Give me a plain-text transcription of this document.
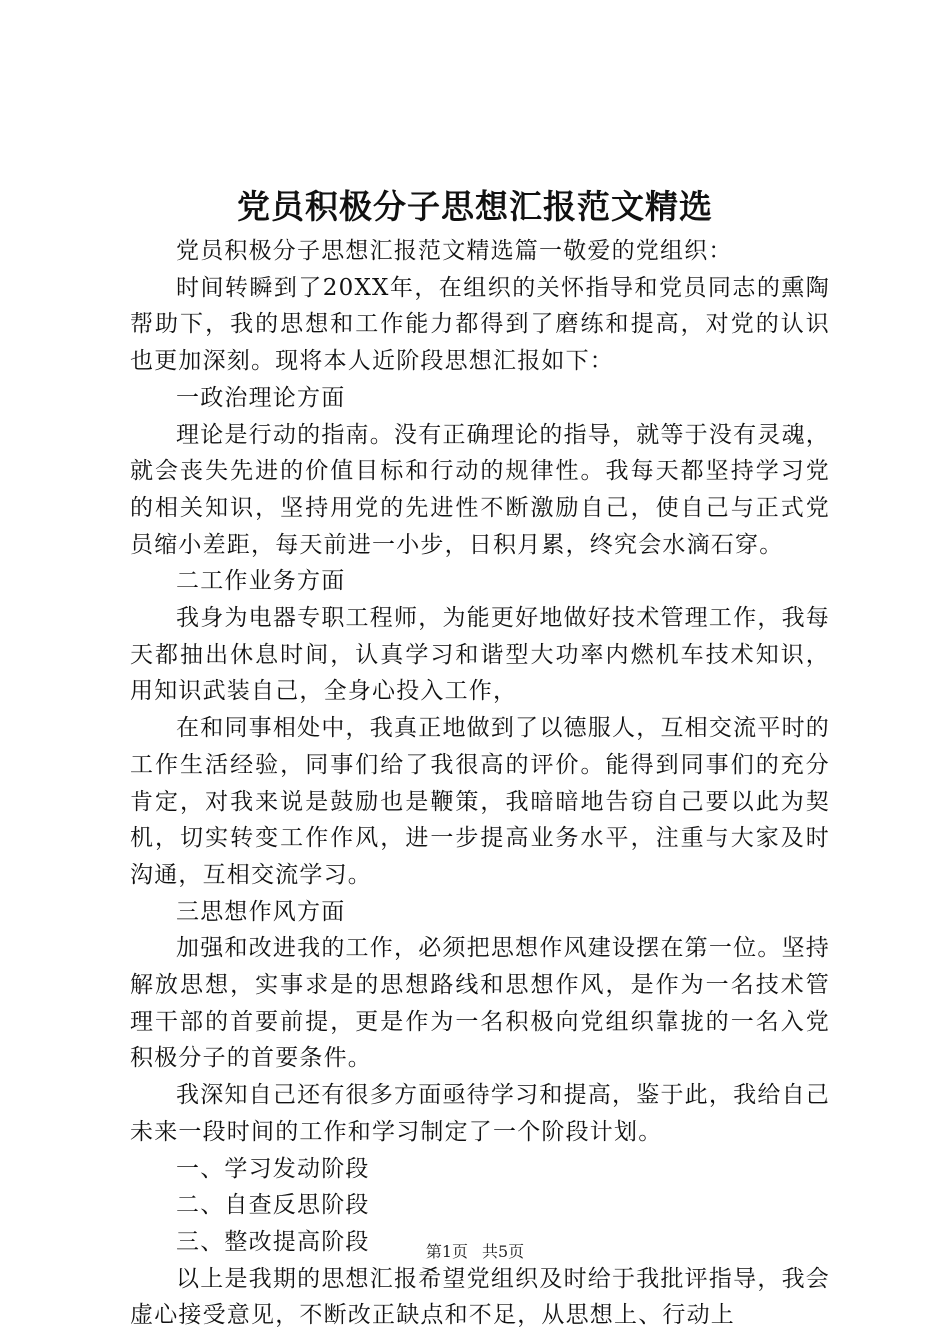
党员积极分子思想汇报范文精选

党员积极分子思想汇报范文精选篇一敬爱的党组织：

时间转瞬到了20XX年，在组织的关怀指导和党员同志的熏陶帮助下，我的思想和工作能力都得到了磨练和提高，对党的认识也更加深刻。现将本人近阶段思想汇报如下：

一政治理论方面

理论是行动的指南。没有正确理论的指导，就等于没有灵魂，就会丧失先进的价值目标和行动的规律性。我每天都坚持学习党的相关知识，坚持用党的先进性不断激励自己，使自己与正式党员缩小差距，每天前进一小步，日积月累，终究会水滴石穿。

二工作业务方面

我身为电器专职工程师，为能更好地做好技术管理工作，我每天都抽出休息时间，认真学习和谐型大功率内燃机车技术知识，用知识武装自己，全身心投入工作，

在和同事相处中，我真正地做到了以德服人，互相交流平时的工作生活经验，同事们给了我很高的评价。能得到同事们的充分肯定，对我来说是鼓励也是鞭策，我暗暗地告窃自己要以此为契机，切实转变工作作风，进一步提高业务水平，注重与大家及时沟通，互相交流学习。

三思想作风方面

加强和改进我的工作，必须把思想作风建设摆在第一位。坚持解放思想，实事求是的思想路线和思想作风，是作为一名技术管理干部的首要前提，更是作为一名积极向党组织靠拢的一名入党积极分子的首要条件。

我深知自己还有很多方面亟待学习和提高，鉴于此，我给自己未来一段时间的工作和学习制定了一个阶段计划。

一、学习发动阶段

二、自查反思阶段

三、整改提高阶段

以上是我期的思想汇报希望党组织及时给于我批评指导，我会虚心接受意见，不断改正缺点和不足，从思想上、行动上

第1页 共5页
